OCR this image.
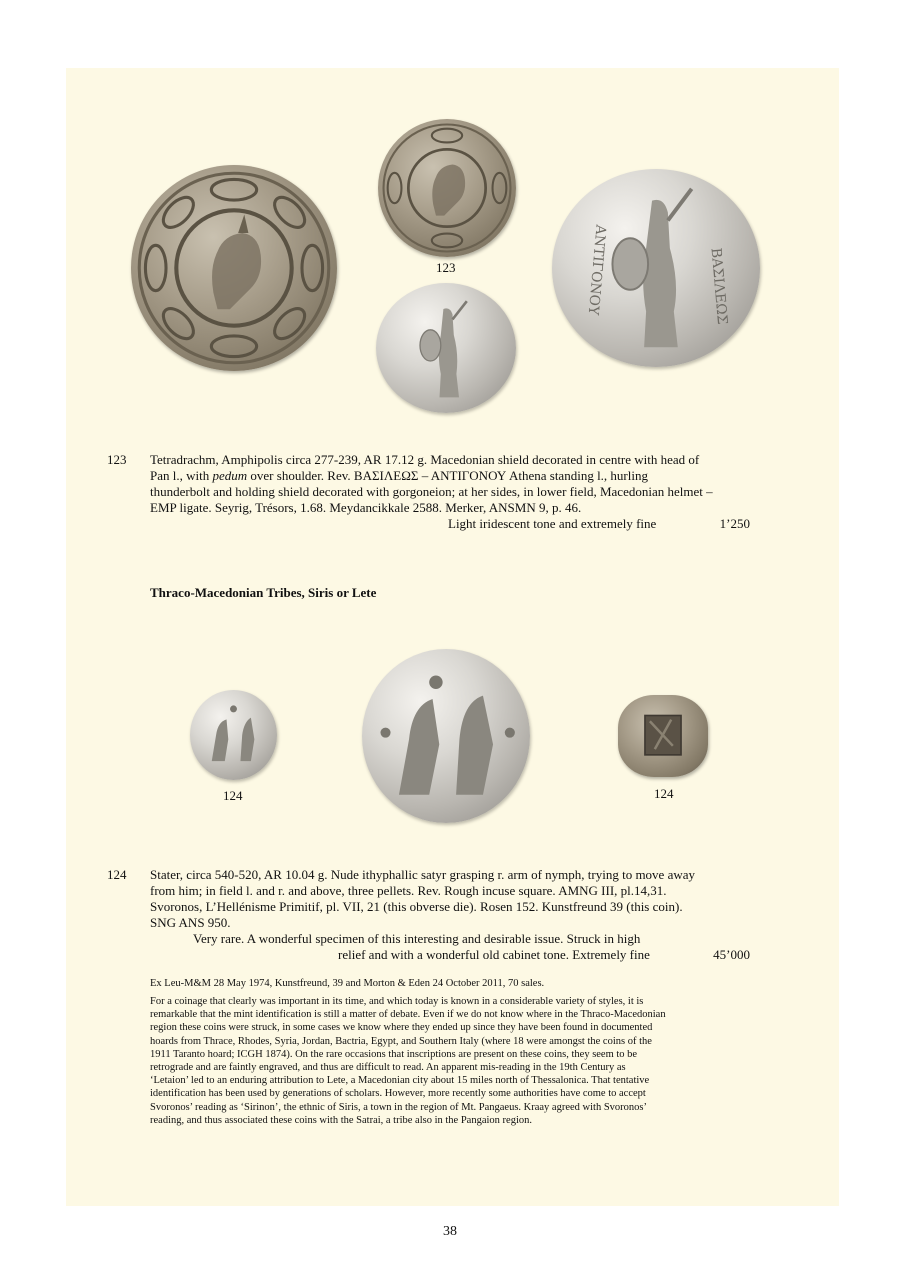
123	ΒΑΣΙΛΕΩΣ
ΑΝΤΙΓΟΝΟΥ
123 Tetradrachm, Amphipolis circa 277-239, AR 17.12 g. Macedonian shield decorated in centre with head of

Pan l., with pedum over shoulder. Rev. ΒΑΣΙΛΕΩΣ – ΑΝΤΙΓΟΝΟΥ Athena standing l., hurling

thunderbolt and holding shield decorated with gorgoneion; at her sides, in lower field, Macedonian helmet –

EMP ligate. Seyrig, Trésors, 1.68. Meydancikkale 2588. Merker, ANSMN 9, p. 46.

Light iridescent tone and extremely fine	1’250
Thraco-Macedonian Tribes, Siris or Lete
124	124
124 Stater, circa 540-520, AR 10.04 g. Nude ithyphallic satyr grasping r. arm of nymph, trying to move away

from him; in field l. and r. and above, three pellets. Rev. Rough incuse square. AMNG III, pl.14,31.

Svoronos, L’Hellénisme Primitif, pl. VII, 21 (this obverse die). Rosen 152. Kunstfreund 39 (this coin).

SNG ANS 950.

Very rare. A wonderful specimen of this interesting and desirable issue. Struck in high
relief and with a wonderful old cabinet tone. Extremely fine	45’000
Ex Leu-M&M 28 May 1974, Kunstfreund, 39 and Morton & Eden 24 October 2011, 70 sales.
For a coinage that clearly was important in its time, and which today is known in a considerable variety of styles, it is
remarkable that the mint identification is still a matter of debate. Even if we do not know where in the Thraco-Macedonian
region these coins were struck, in some cases we know where they ended up since they have been found in documented
hoards from Thrace, Rhodes, Syria, Jordan, Bactria, Egypt, and Southern Italy (where 18 were amongst the coins of the
1911 Taranto hoard; ICGH 1874). On the rare occasions that inscriptions are present on these coins, they seem to be
retrograde and are faintly engraved, and thus are difficult to read. An apparent mis-reading in the 19th Century as
‘Letaion’ led to an enduring attribution to Lete, a Macedonian city about 15 miles north of Thessalonica. That tentative
identification has been used by generations of scholars. However, more recently some authorities have come to accept
Svoronos’ reading as ‘Sirinon’, the ethnic of Siris, a town in the region of Mt. Pangaeus. Kraay agreed with Svoronos’
reading, and thus associated these coins with the Satrai, a tribe also in the Pangaion region.
38
